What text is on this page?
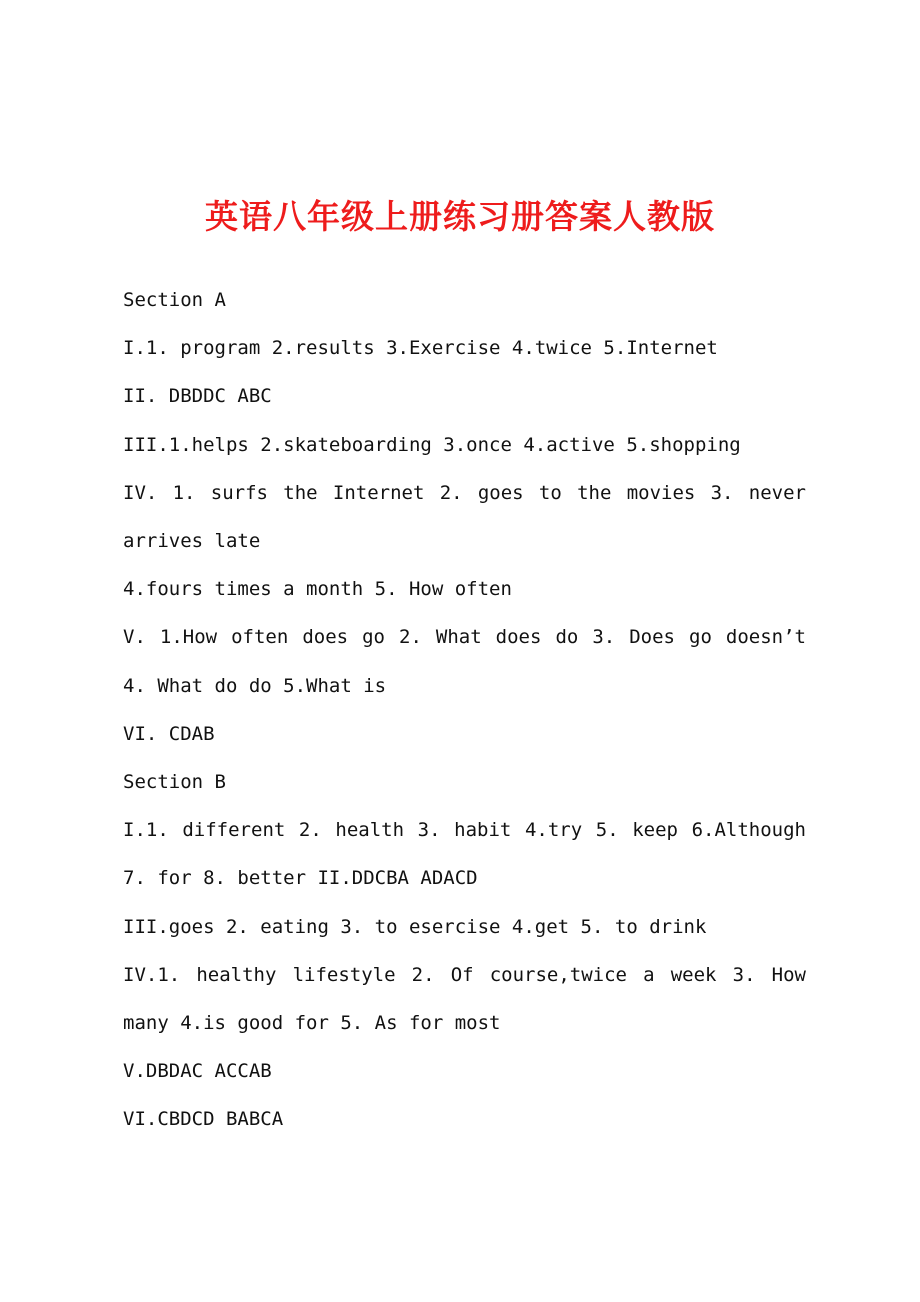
英语八年级上册练习册答案人教版

Section A

I.1. program 2.results 3.Exercise 4.twice 5.Internet

II. DBDDC ABC

III.1.helps 2.skateboarding 3.once 4.active 5.shopping

IV. 1. surfs the Internet 2. goes to the movies 3. never arrives late

4.fours times a month 5. How often

V. 1.How often does go 2. What does do 3. Does go doesn’t 4. What do do 5.What is

VI. CDAB

Section B

I.1. different 2. health 3. habit 4.try 5. keep 6.Although 7. for 8. better II.DDCBA ADACD

III.goes 2. eating 3. to esercise 4.get 5. to drink

IV.1. healthy lifestyle 2. Of course,twice a week 3. How many 4.is good for 5. As for most

V.DBDAC ACCAB

VI.CBDCD BABCA
